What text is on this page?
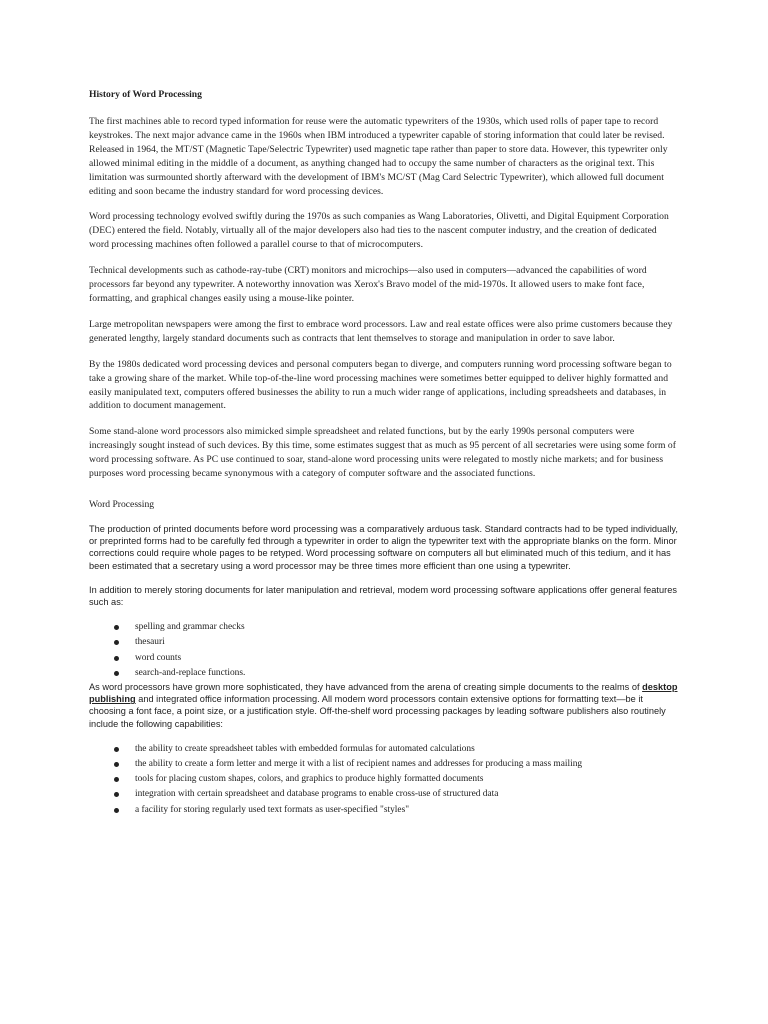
History of Word Processing

The first machines able to record typed information for reuse were the automatic typewriters of the 1930s, which used rolls of paper tape to record keystrokes. The next major advance came in the 1960s when IBM introduced a typewriter capable of storing information that could later be revised. Released in 1964, the MT/ST (Magnetic Tape/Selectric Typewriter) used magnetic tape rather than paper to store data. However, this typewriter only allowed minimal editing in the middle of a document, as anything changed had to occupy the same number of characters as the original text. This limitation was surmounted shortly afterward with the development of IBM's MC/ST (Mag Card Selectric Typewriter), which allowed full document editing and soon became the industry standard for word processing devices.

Word processing technology evolved swiftly during the 1970s as such companies as Wang Laboratories, Olivetti, and Digital Equipment Corporation (DEC) entered the field. Notably, virtually all of the major developers also had ties to the nascent computer industry, and the creation of dedicated word processing machines often followed a parallel course to that of microcomputers.

Technical developments such as cathode-ray-tube (CRT) monitors and microchips—also used in computers—advanced the capabilities of word processors far beyond any typewriter. A noteworthy innovation was Xerox's Bravo model of the mid-1970s. It allowed users to make font face, formatting, and graphical changes easily using a mouse-like pointer.

Large metropolitan newspapers were among the first to embrace word processors. Law and real estate offices were also prime customers because they generated lengthy, largely standard documents such as contracts that lent themselves to storage and manipulation in order to save labor.

By the 1980s dedicated word processing devices and personal computers began to diverge, and computers running word processing software began to take a growing share of the market. While top-of-the-line word processing machines were sometimes better equipped to deliver highly formatted and easily manipulated text, computers offered businesses the ability to run a much wider range of applications, including spreadsheets and databases, in addition to document management.

Some stand-alone word processors also mimicked simple spreadsheet and related functions, but by the early 1990s personal computers were increasingly sought instead of such devices. By this time, some estimates suggest that as much as 95 percent of all secretaries were using some form of word processing software. As PC use continued to soar, stand-alone word processing units were relegated to mostly niche markets; and for business purposes word processing became synonymous with a category of computer software and the associated functions.

Word Processing

The production of printed documents before word processing was a comparatively arduous task. Standard contracts had to be typed individually, or preprinted forms had to be carefully fed through a typewriter in order to align the typewriter text with the appropriate blanks on the form. Minor corrections could require whole pages to be retyped. Word processing software on computers all but eliminated much of this tedium, and it has been estimated that a secretary using a word processor may be three times more efficient than one using a typewriter.

In addition to merely storing documents for later manipulation and retrieval, modem word processing software applications offer general features such as:

spelling and grammar checks
thesauri
word counts
search-and-replace functions.

As word processors have grown more sophisticated, they have advanced from the arena of creating simple documents to the realms of desktop publishing and integrated office information processing. All modem word processors contain extensive options for formatting text—be it choosing a font face, a point size, or a justification style. Off-the-shelf word processing packages by leading software publishers also routinely include the following capabilities:

the ability to create spreadsheet tables with embedded formulas for automated calculations
the ability to create a form letter and merge it with a list of recipient names and addresses for producing a mass mailing
tools for placing custom shapes, colors, and graphics to produce highly formatted documents
integration with certain spreadsheet and database programs to enable cross-use of structured data
a facility for storing regularly used text formats as user-specified "styles"
